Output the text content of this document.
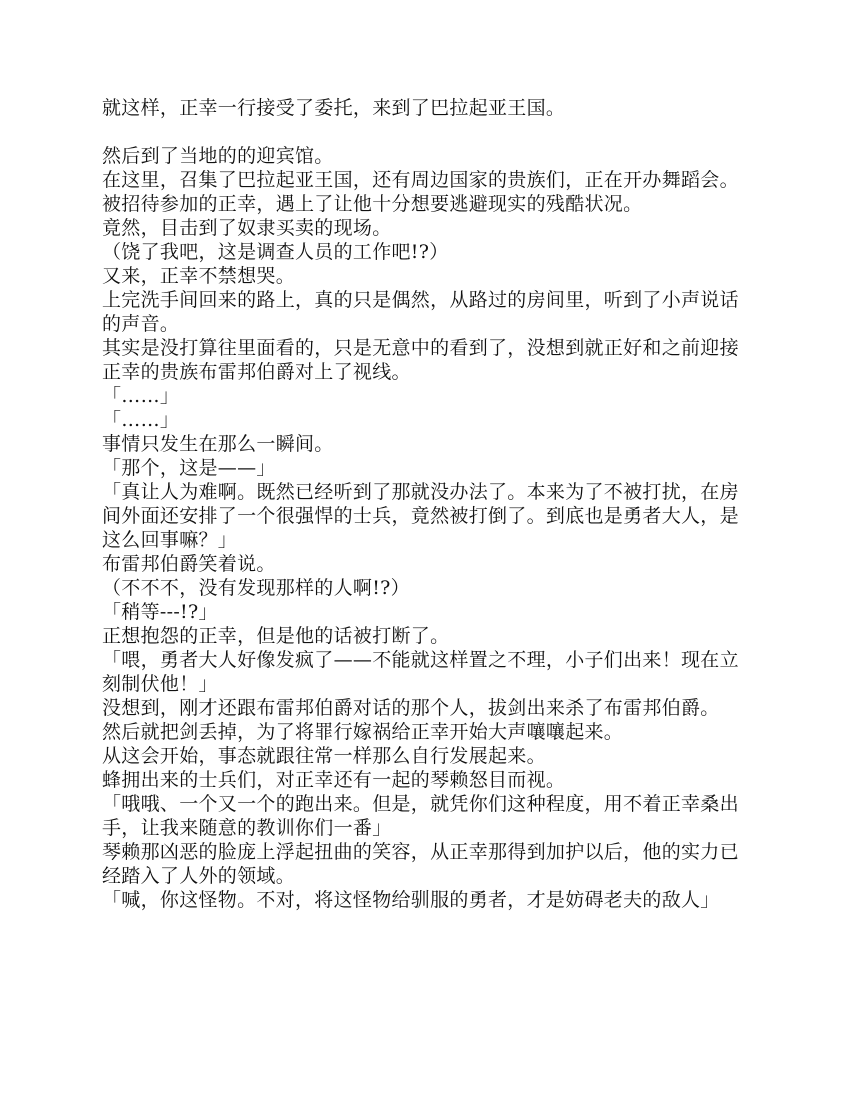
就这样，正幸一行接受了委托，来到了巴拉起亚王国。

然后到了当地的的迎宾馆。

在这里，召集了巴拉起亚王国，还有周边国家的贵族们，正在开办舞蹈会。

被招待参加的正幸，遇上了让他十分想要逃避现实的残酷状况。

竟然，目击到了奴隶买卖的现场。

（饶了我吧，这是调查人员的工作吧!?）

又来，正幸不禁想哭。

上完洗手间回来的路上，真的只是偶然，从路过的房间里，听到了小声说话的声音。

其实是没打算往里面看的，只是无意中的看到了，没想到就正好和之前迎接正幸的贵族布雷邦伯爵对上了视线。

「……」

「……」

事情只发生在那么一瞬间。

「那个，这是——」

「真让人为难啊。既然已经听到了那就没办法了。本来为了不被打扰，在房间外面还安排了一个很强悍的士兵，竟然被打倒了。到底也是勇者大人，是这么回事嘛？」

布雷邦伯爵笑着说。

（不不不，没有发现那样的人啊!?）

「稍等---!?」

正想抱怨的正幸，但是他的话被打断了。

「喂，勇者大人好像发疯了——不能就这样置之不理，小子们出来！现在立刻制伏他！」

没想到，刚才还跟布雷邦伯爵对话的那个人，拔剑出来杀了布雷邦伯爵。

然后就把剑丢掉，为了将罪行嫁祸给正幸开始大声嚷嚷起来。

从这会开始，事态就跟往常一样那么自行发展起来。

蜂拥出来的士兵们，对正幸还有一起的琴赖怒目而视。

「哦哦、一个又一个的跑出来。但是，就凭你们这种程度，用不着正幸桑出手，让我来随意的教训你们一番」

琴赖那凶恶的脸庞上浮起扭曲的笑容，从正幸那得到加护以后，他的实力已经踏入了人外的领域。

「喊，你这怪物。不对，将这怪物给驯服的勇者，才是妨碍老夫的敌人」
